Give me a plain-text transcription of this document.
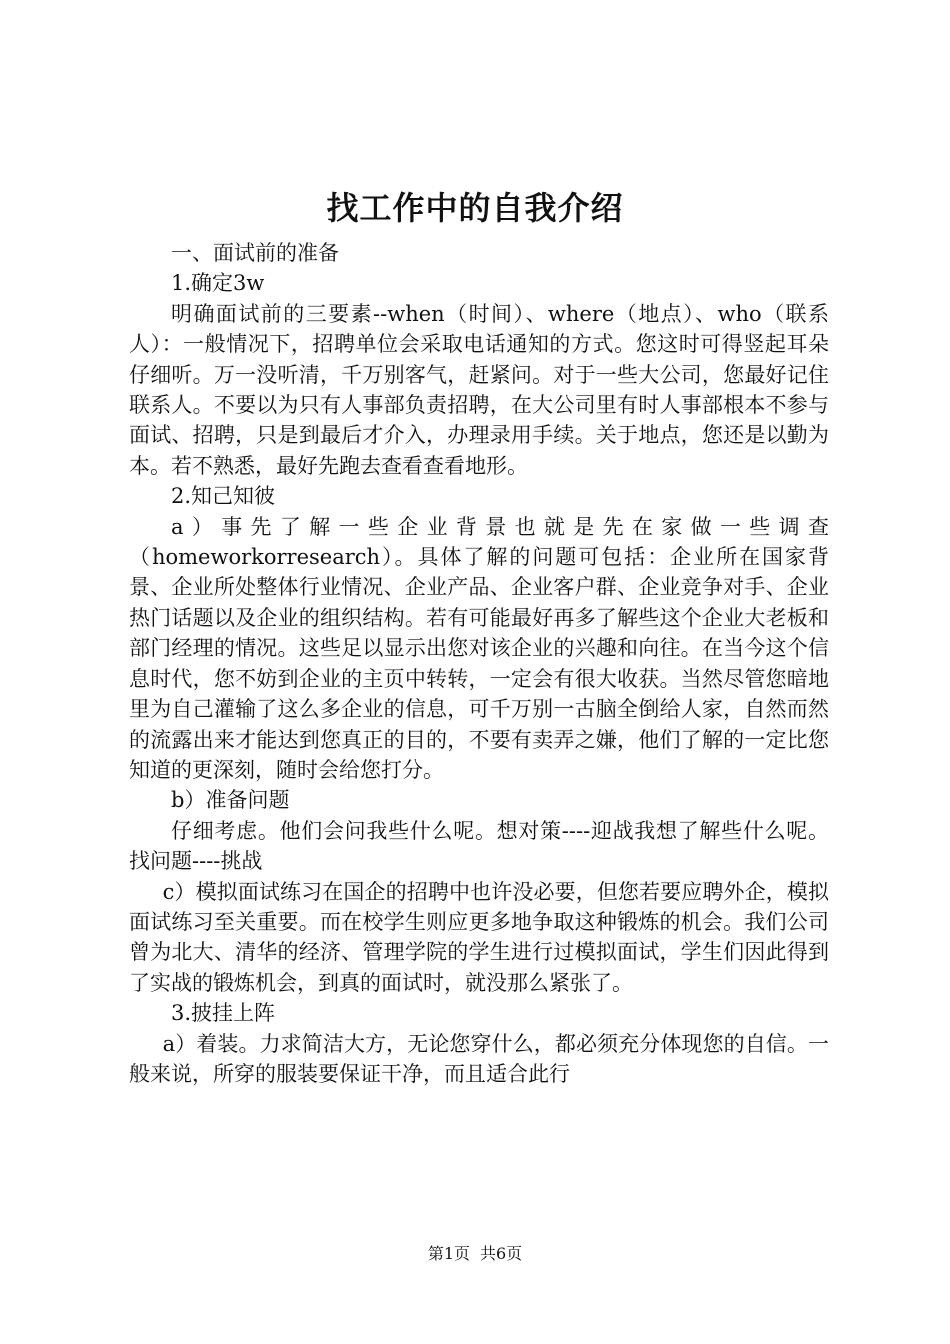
找工作中的自我介绍

一、面试前的准备

1.确定3w

明确面试前的三要素--when（时间）、where（地点）、who（联系人）：一般情况下，招聘单位会采取电话通知的方式。您这时可得竖起耳朵仔细听。万一没听清，千万别客气，赶紧问。对于一些大公司，您最好记住联系人。不要以为只有人事部负责招聘，在大公司里有时人事部根本不参与面试、招聘，只是到最后才介入，办理录用手续。关于地点，您还是以勤为本。若不熟悉，最好先跑去查看查看地形。

2.知己知彼

a）事先了解一些企业背景也就是先在家做一些调查（homeworkorresearch）。具体了解的问题可包括：企业所在国家背景、企业所处整体行业情况、企业产品、企业客户群、企业竞争对手、企业热门话题以及企业的组织结构。若有可能最好再多了解些这个企业大老板和部门经理的情况。这些足以显示出您对该企业的兴趣和向往。在当今这个信息时代，您不妨到企业的主页中转转，一定会有很大收获。当然尽管您暗地里为自己灌输了这么多企业的信息，可千万别一古脑全倒给人家，自然而然的流露出来才能达到您真正的目的，不要有卖弄之嫌，他们了解的一定比您知道的更深刻，随时会给您打分。

b）准备问题

仔细考虑。他们会问我些什么呢。想对策----迎战我想了解些什么呢。找问题----挑战

c）模拟面试练习在国企的招聘中也许没必要，但您若要应聘外企，模拟面试练习至关重要。而在校学生则应更多地争取这种锻炼的机会。我们公司曾为北大、清华的经济、管理学院的学生进行过模拟面试，学生们因此得到了实战的锻炼机会，到真的面试时，就没那么紧张了。

3.披挂上阵

a）着装。力求简洁大方，无论您穿什么，都必须充分体现您的自信。一般来说，所穿的服装要保证干净，而且适合此行

第1页 共6页
